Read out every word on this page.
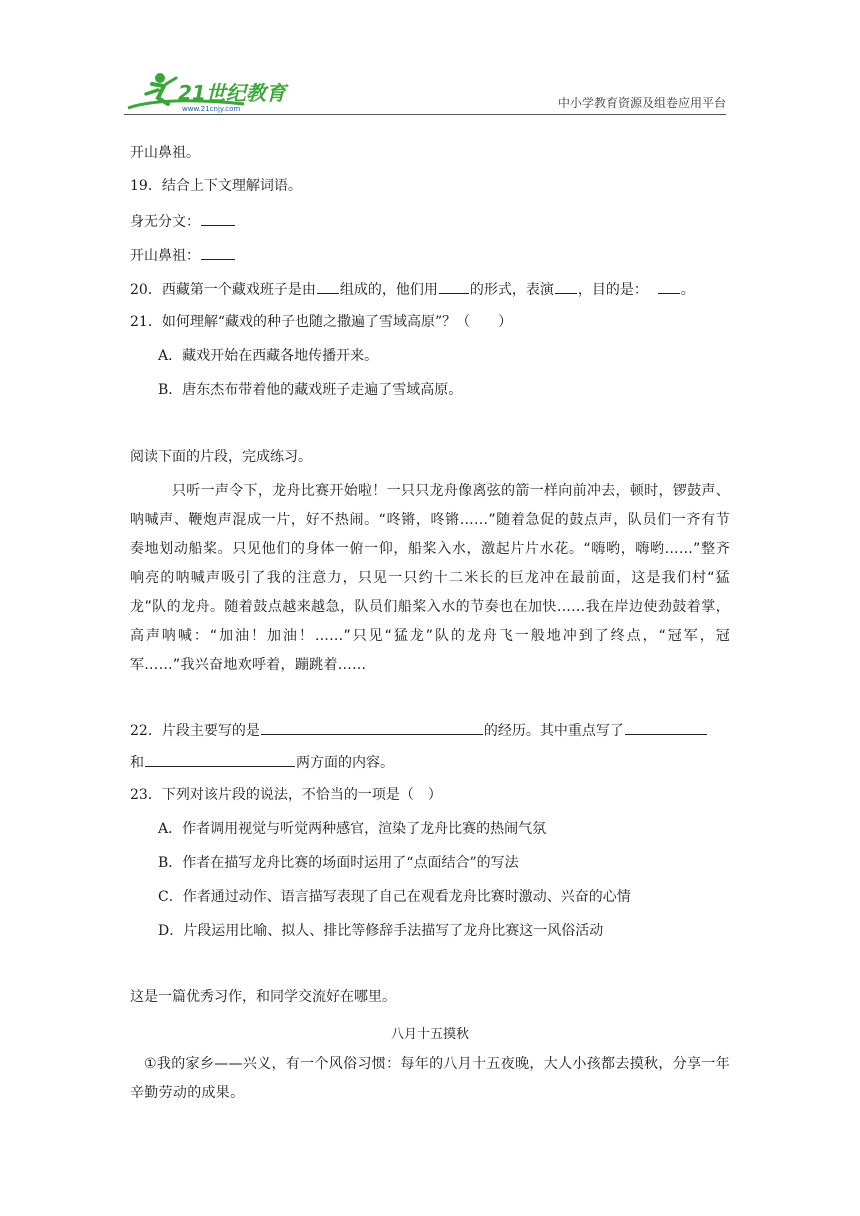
21世纪教育
www.21cnjy.com	中小学教育资源及组卷应用平台
开山鼻祖。
19．结合上下文理解词语。
身无分文：
开山鼻祖：
20．西藏第一个藏戏班子是由 组成的，他们用 的形式，表演 ，目的是： 。
21．如何理解“藏戏的种子也随之撒遍了雪域高原”？（　　）
A．藏戏开始在西藏各地传播开来。
B．唐东杰布带着他的藏戏班子走遍了雪域高原。
阅读下面的片段，完成练习。
只听一声令下，龙舟比赛开始啦！一只只龙舟像离弦的箭一样向前冲去，顿时，锣鼓声、呐喊声、鞭炮声混成一片，好不热闹。“咚锵，咚锵……”随着急促的鼓点声，队员们一齐有节奏地划动船桨。只见他们的身体一俯一仰，船桨入水，激起片片水花。“嗨哟，嗨哟……”整齐响亮的呐喊声吸引了我的注意力，只见一只约十二米长的巨龙冲在最前面，这是我们村“猛龙”队的龙舟。随着鼓点越来越急，队员们船桨入水的节奏也在加快……我在岸边使劲鼓着掌，高声呐喊：“加油！加油！……”只见“猛龙”队的龙舟飞一般地冲到了终点，“冠军，冠军……”我兴奋地欢呼着，蹦跳着……
22．片段主要写的是	的经历。其中重点写了
和	两方面的内容。
23．下列对该片段的说法，不恰当的一项是（　）
A．作者调用视觉与听觉两种感官，渲染了龙舟比赛的热闹气氛
B．作者在描写龙舟比赛的场面时运用了“点面结合”的写法
C．作者通过动作、语言描写表现了自己在观看龙舟比赛时激动、兴奋的心情
D．片段运用比喻、拟人、排比等修辞手法描写了龙舟比赛这一风俗活动
这是一篇优秀习作，和同学交流好在哪里。
八月十五摸秋
①我的家乡——兴义，有一个风俗习惯：每年的八月十五夜晚，大人小孩都去摸秋，分享一年辛勤劳动的成果。
